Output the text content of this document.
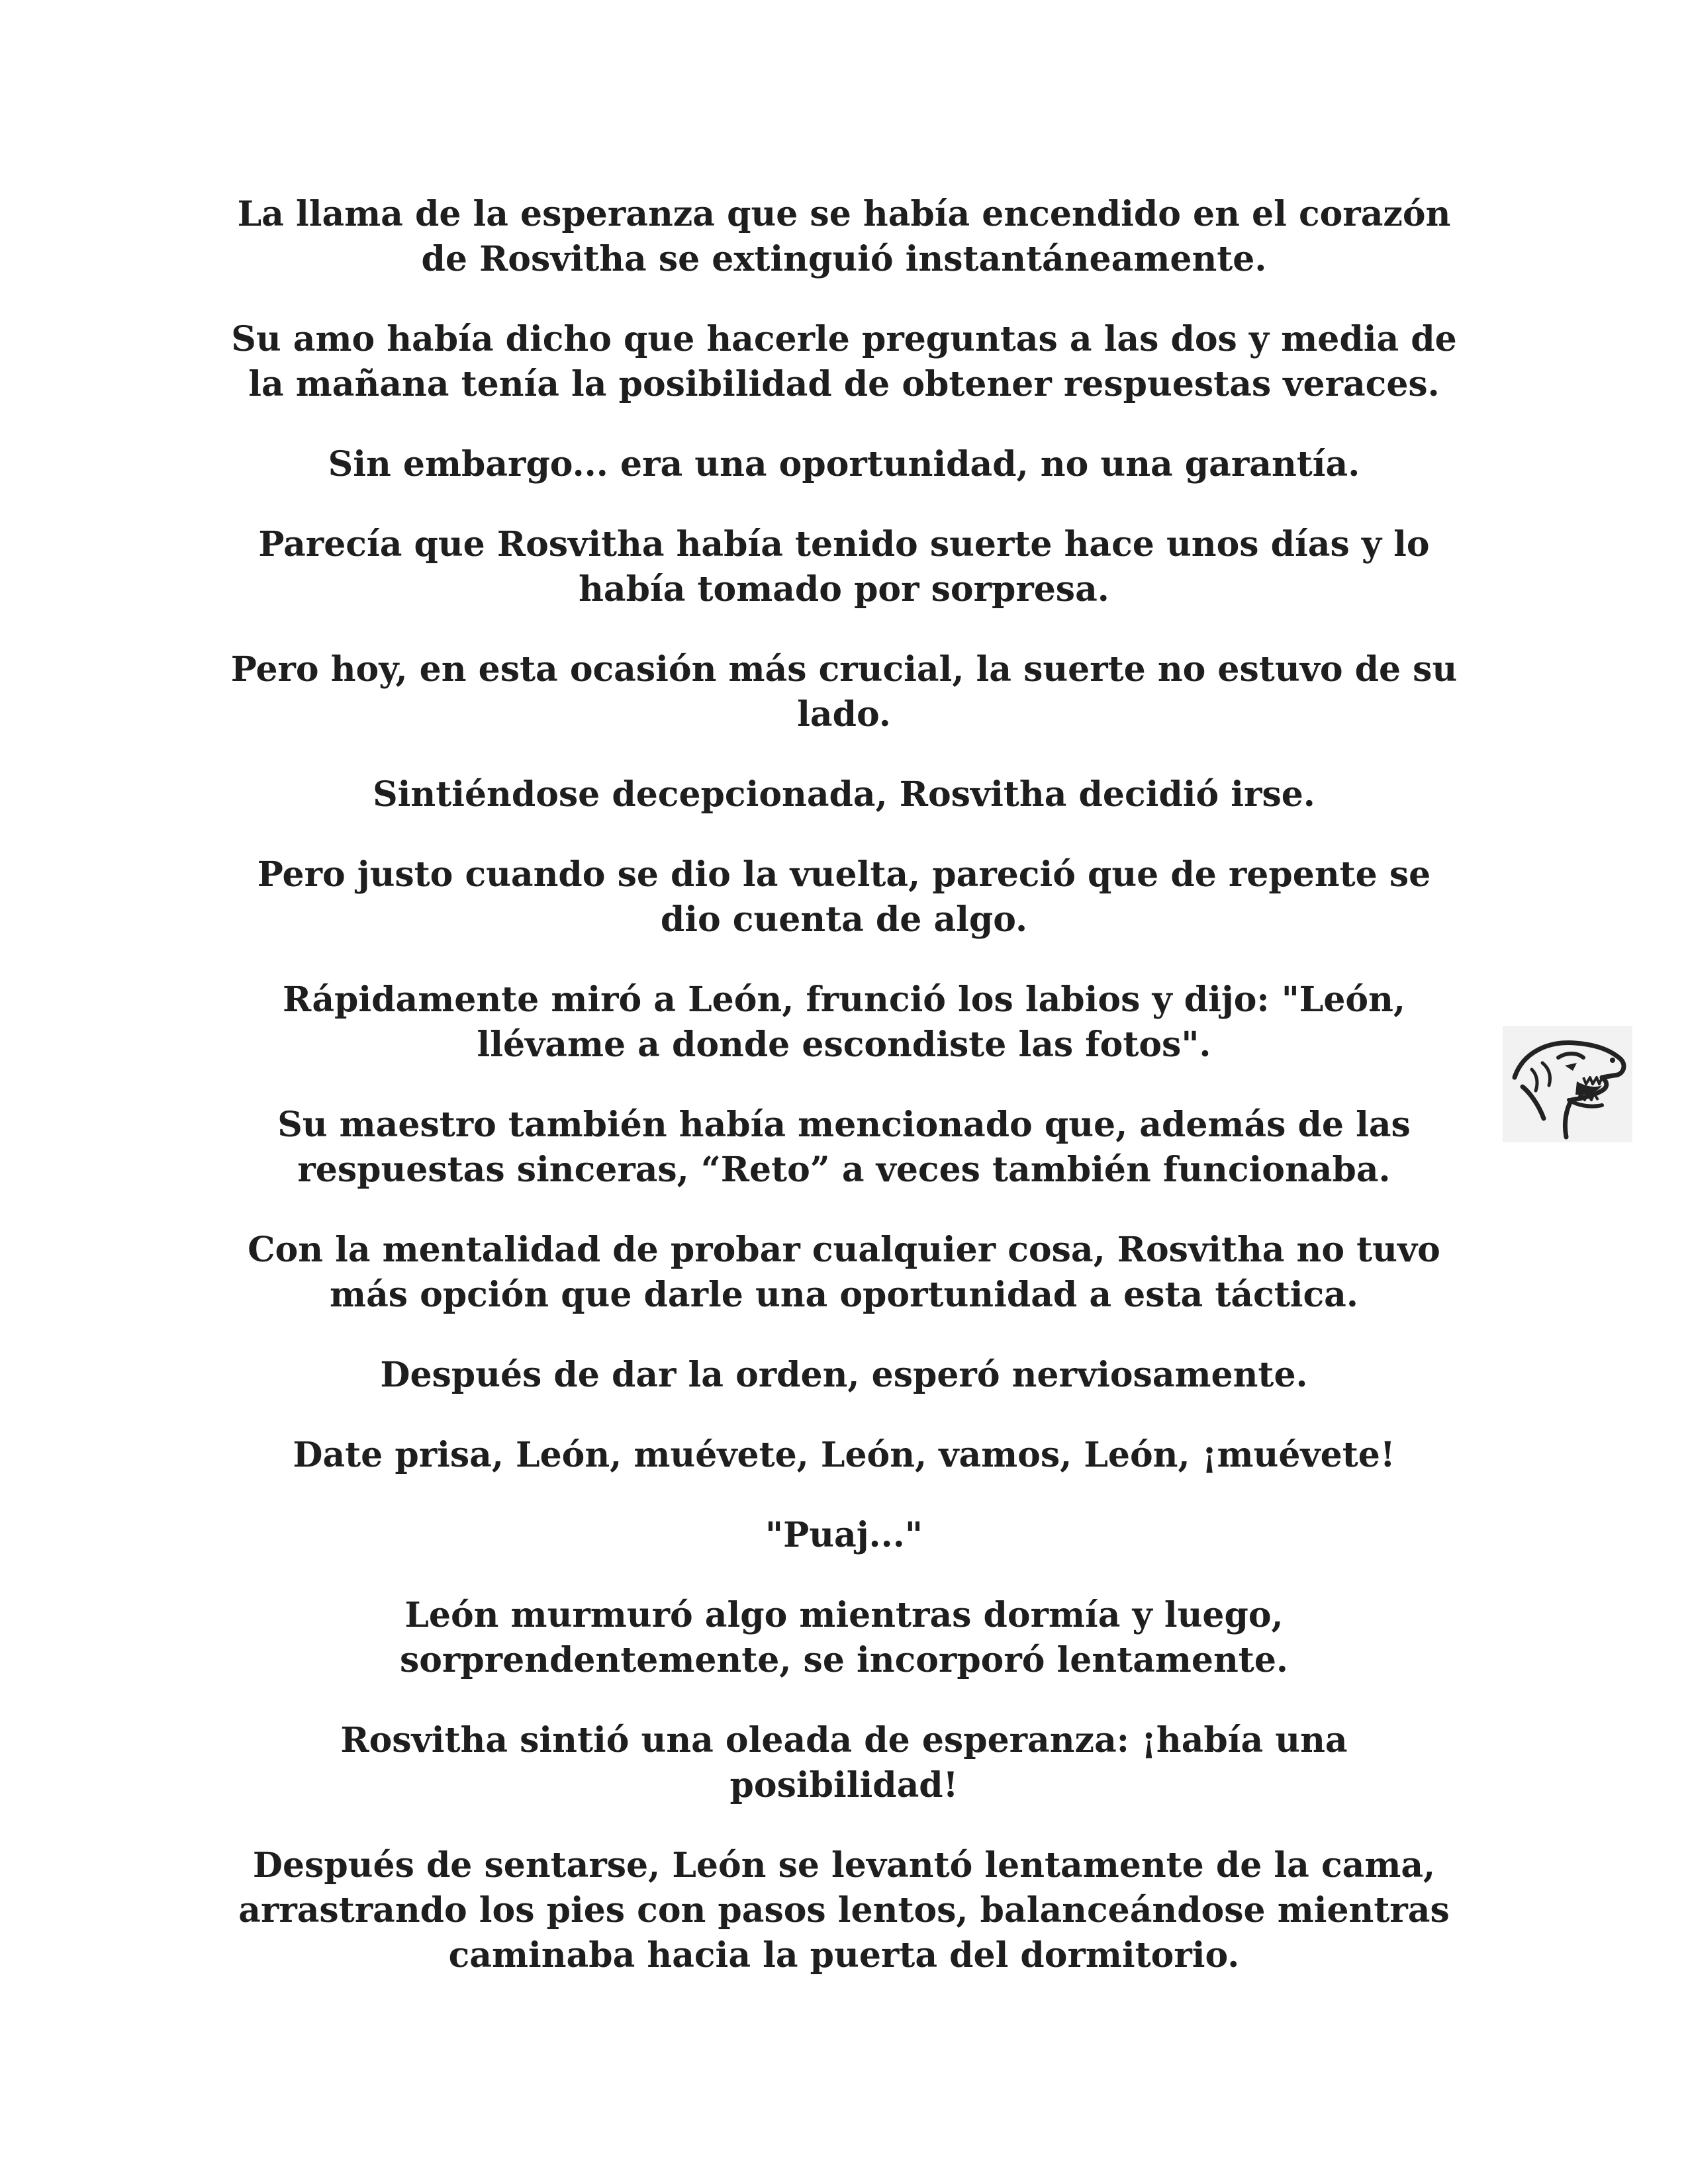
La llama de la esperanza que se había encendido en el corazón de Rosvitha se extinguió instantáneamente.

Su amo había dicho que hacerle preguntas a las dos y media de la mañana tenía la posibilidad de obtener respuestas veraces.

Sin embargo... era una oportunidad, no una garantía.

Parecía que Rosvitha había tenido suerte hace unos días y lo había tomado por sorpresa.

Pero hoy, en esta ocasión más crucial, la suerte no estuvo de su lado.

Sintiéndose decepcionada, Rosvitha decidió irse.

Pero justo cuando se dio la vuelta, pareció que de repente se dio cuenta de algo.

Rápidamente miró a León, frunció los labios y dijo: "León, llévame a donde escondiste las fotos".

Su maestro también había mencionado que, además de las respuestas sinceras, “Reto” a veces también funcionaba.

Con la mentalidad de probar cualquier cosa, Rosvitha no tuvo más opción que darle una oportunidad a esta táctica.

Después de dar la orden, esperó nerviosamente.

Date prisa, León, muévete, León, vamos, León, ¡muévete!

"Puaj..."

León murmuró algo mientras dormía y luego, sorprendentemente, se incorporó lentamente.

Rosvitha sintió una oleada de esperanza: ¡había una posibilidad!

Después de sentarse, León se levantó lentamente de la cama, arrastrando los pies con pasos lentos, balanceándose mientras caminaba hacia la puerta del dormitorio.
